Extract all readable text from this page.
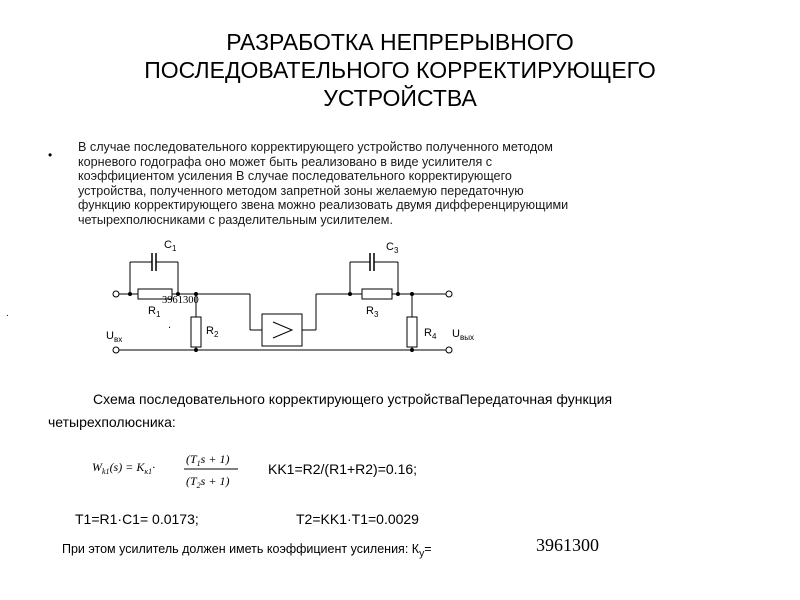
РАЗРАБОТКА НЕПРЕРЫВНОГО
ПОСЛЕДОВАТЕЛЬНОГО КОРРЕКТИРУЮЩЕГО
УСТРОЙСТВА
•
В случае последовательного корректирующего устройство полученного методом
корневого годографа оно может быть реализовано в виде усилителя с
коэффициентом усиления В случае последовательного корректирующего
устройства, полученного методом запретной зоны желаемую передаточную
функцию корректирующего звена можно реализовать двумя дифференцирующими
четырехполюсниками с разделительным усилителем.
.
$C_1$
$R_1$
$R_2$
$C_3$
$R_3$
$R_4$
$U_{вх}$	$U_{вых}$
3961300
.
Схема последовательного корректирующего устройстваПередаточная функция
четырехполюсника:
$W_{k1}(s) = K_{к1}\cdot$
$(T_1s + 1)$
$(T_2s + 1)$
KK1=R2/(R1+R2)=0.16;
T1=R1·C1= 0.0173;	T2=KK1·T1=0.0029
При этом усилитель должен иметь коэффициент усиления: $К_у=$	3961300
